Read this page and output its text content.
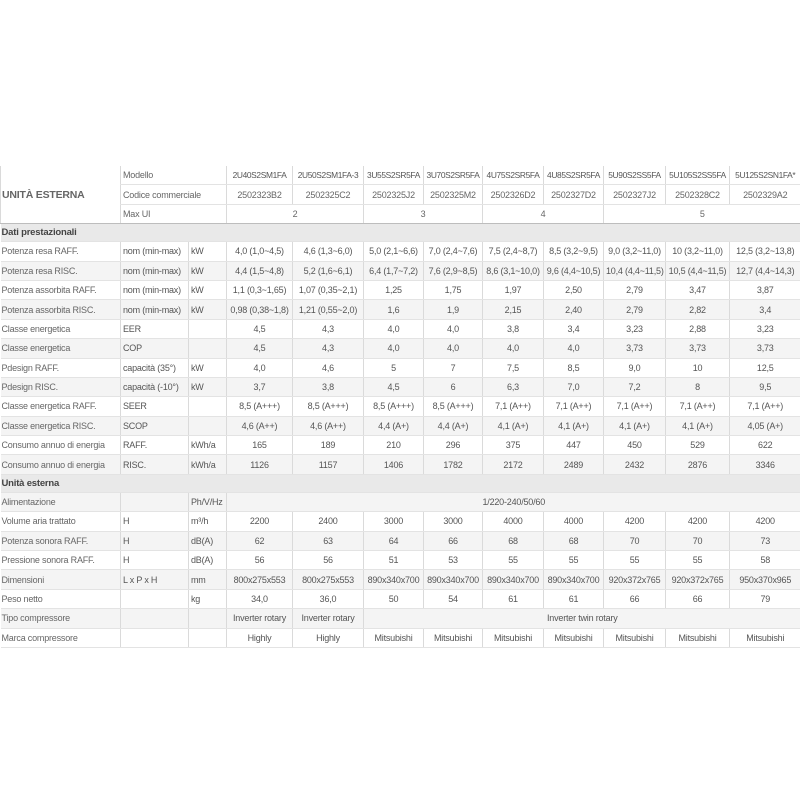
UNITÀ ESTERNA	Modello		2U40S2SM1FA	2U50S2SM1FA-3	3U55S2SR5FA	3U70S2SR5FA	4U75S2SR5FA	4U85S2SR5FA	5U90S2SS5FA	5U105S2SS5FA	5U125S2SN1FA*
	Codice commerciale		2502323B2	2502325C2	2502325J2	2502325M2	2502326D2	2502327D2	2502327J2	2502328C2	2502329A2
	Max UI		2		3		4		5		
Dati prestazionali											
Potenza resa RAFF.	nom (min-max)	kW	4,0 (1,0~4,5)	4,6 (1,3~6,0)	5,0 (2,1~6,6)	7,0 (2,4~7,6)	7,5 (2,4~8,7)	8,5 (3,2~9,5)	9,0 (3,2~11,0)	10 (3,2~11,0)	12,5 (3,2~13,8)
Potenza resa RISC.	nom (min-max)	kW	4,4 (1,5~4,8)	5,2 (1,6~6,1)	6,4 (1,7~7,2)	7,6 (2,9~8,5)	8,6 (3,1~10,0)	9,6 (4,4~10,5)	10,4 (4,4~11,5)	10,5 (4,4~11,5)	12,7 (4,4~14,3)
Potenza assorbita RAFF.	nom (min-max)	kW	1,1 (0,3~1,65)	1,07 (0,35~2,1)	1,25	1,75	1,97	2,50	2,79	3,47	3,87
Potenza assorbita RISC.	nom (min-max)	kW	0,98 (0,38~1,8)	1,21 (0,55~2,0)	1,6	1,9	2,15	2,40	2,79	2,82	3,4
Classe energetica	EER		4,5	4,3	4,0	4,0	3,8	3,4	3,23	2,88	3,23
Classe energetica	COP		4,5	4,3	4,0	4,0	4,0	4,0	3,73	3,73	3,73
Pdesign RAFF.	capacità (35°)	kW	4,0	4,6	5	7	7,5	8,5	9,0	10	12,5
Pdesign RISC.	capacità (-10°)	kW	3,7	3,8	4,5	6	6,3	7,0	7,2	8	9,5
Classe energetica RAFF.	SEER		8,5 (A+++)	8,5 (A+++)	8,5 (A+++)	8,5 (A+++)	7,1 (A++)	7,1 (A++)	7,1 (A++)	7,1 (A++)	7,1 (A++)
Classe energetica RISC.	SCOP		4,6 (A++)	4,6 (A++)	4,4 (A+)	4,4 (A+)	4,1 (A+)	4,1 (A+)	4,1 (A+)	4,1 (A+)	4,05 (A+)
Consumo annuo di energia	RAFF.	kWh/a	165	189	210	296	375	447	450	529	622
Consumo annuo di energia	RISC.	kWh/a	1126	1157	1406	1782	2172	2489	2432	2876	3346
Unità esterna											
Alimentazione		Ph/V/Hz	1/220-240/50/60								
Volume aria trattato	H	m³/h	2200	2400	3000	3000	4000	4000	4200	4200	4200
Potenza sonora RAFF.	H	dB(A)	62	63	64	66	68	68	70	70	73
Pressione sonora RAFF.	H	dB(A)	56	56	51	53	55	55	55	55	58
Dimensioni	L x P x H	mm	800x275x553	800x275x553	890x340x700	890x340x700	890x340x700	890x340x700	920x372x765	920x372x765	950x370x965
Peso netto		kg	34,0	36,0	50	54	61	61	66	66	79
Tipo compressore			Inverter rotary	Inverter rotary	Inverter twin rotary						
Marca compressore			Highly	Highly	Mitsubishi	Mitsubishi	Mitsubishi	Mitsubishi	Mitsubishi	Mitsubishi	Mitsubishi
